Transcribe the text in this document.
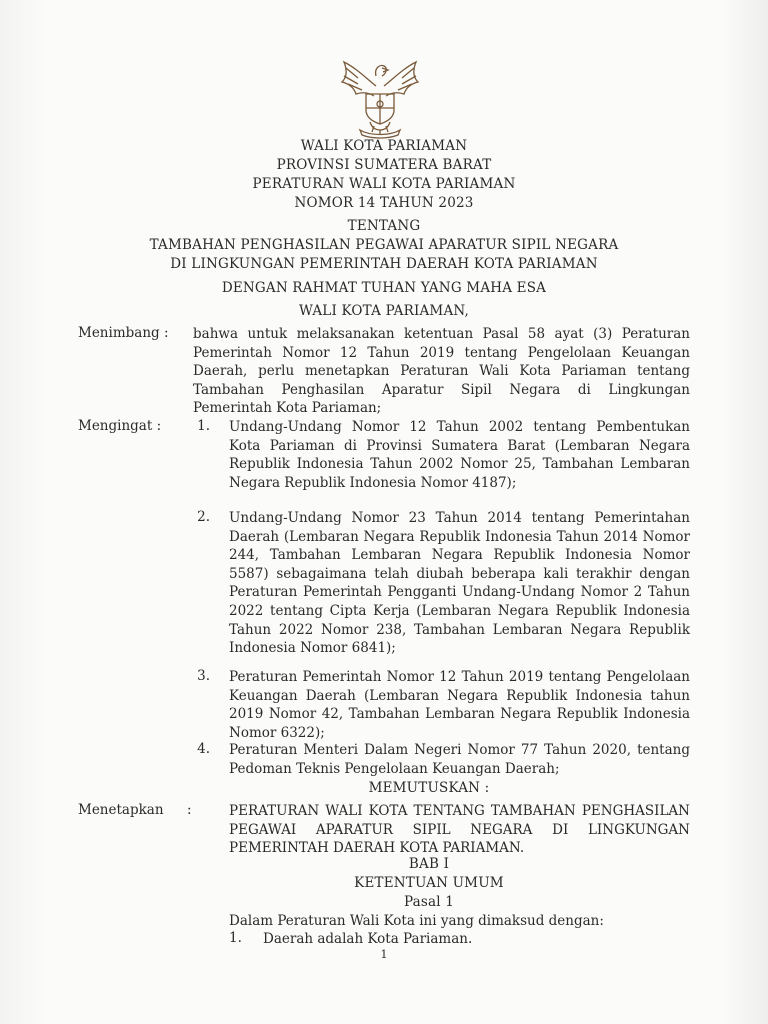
WALI KOTA PARIAMAN
PROVINSI SUMATERA BARAT
PERATURAN WALI KOTA PARIAMAN
NOMOR 14 TAHUN 2023
TENTANG
TAMBAHAN PENGHASILAN PEGAWAI APARATUR SIPIL NEGARA
DI LINGKUNGAN PEMERINTAH DAERAH KOTA PARIAMAN
DENGAN RAHMAT TUHAN YANG MAHA ESA
WALI KOTA PARIAMAN,
Menimbang : bahwa untuk melaksanakan ketentuan Pasal 58 ayat (3) Peraturan Pemerintah Nomor 12 Tahun 2019 tentang Pengelolaan Keuangan Daerah, perlu menetapkan Peraturan Wali Kota Pariaman tentang Tambahan Penghasilan Aparatur Sipil Negara di Lingkungan Pemerintah Kota Pariaman;
Mengingat :	1. Undang-Undang Nomor 12 Tahun 2002 tentang Pembentukan Kota Pariaman di Provinsi Sumatera Barat (Lembaran Negara Republik Indonesia Tahun 2002 Nomor 25, Tambahan Lembaran Negara Republik Indonesia Nomor 4187);
2. Undang-Undang Nomor 23 Tahun 2014 tentang Pemerintahan Daerah (Lembaran Negara Republik Indonesia Tahun 2014 Nomor 244, Tambahan Lembaran Negara Republik Indonesia Nomor 5587) sebagaimana telah diubah beberapa kali terakhir dengan Peraturan Pemerintah Pengganti Undang-Undang Nomor 2 Tahun 2022 tentang Cipta Kerja (Lembaran Negara Republik Indonesia Tahun 2022 Nomor 238, Tambahan Lembaran Negara Republik Indonesia Nomor 6841);
3. Peraturan Pemerintah Nomor 12 Tahun 2019 tentang Pengelolaan Keuangan Daerah (Lembaran Negara Republik Indonesia tahun 2019 Nomor 42, Tambahan Lembaran Negara Republik Indonesia Nomor 6322);
4. Peraturan Menteri Dalam Negeri Nomor 77 Tahun 2020, tentang Pedoman Teknis Pengelolaan Keuangan Daerah;
MEMUTUSKAN :
Menetapkan :	PERATURAN WALI KOTA TENTANG TAMBAHAN PENGHASILAN PEGAWAI APARATUR SIPIL NEGARA DI LINGKUNGAN PEMERINTAH DAERAH KOTA PARIAMAN.
BAB I
KETENTUAN UMUM
Pasal 1
Dalam Peraturan Wali Kota ini yang dimaksud dengan:
1. Daerah adalah Kota Pariaman.
1
